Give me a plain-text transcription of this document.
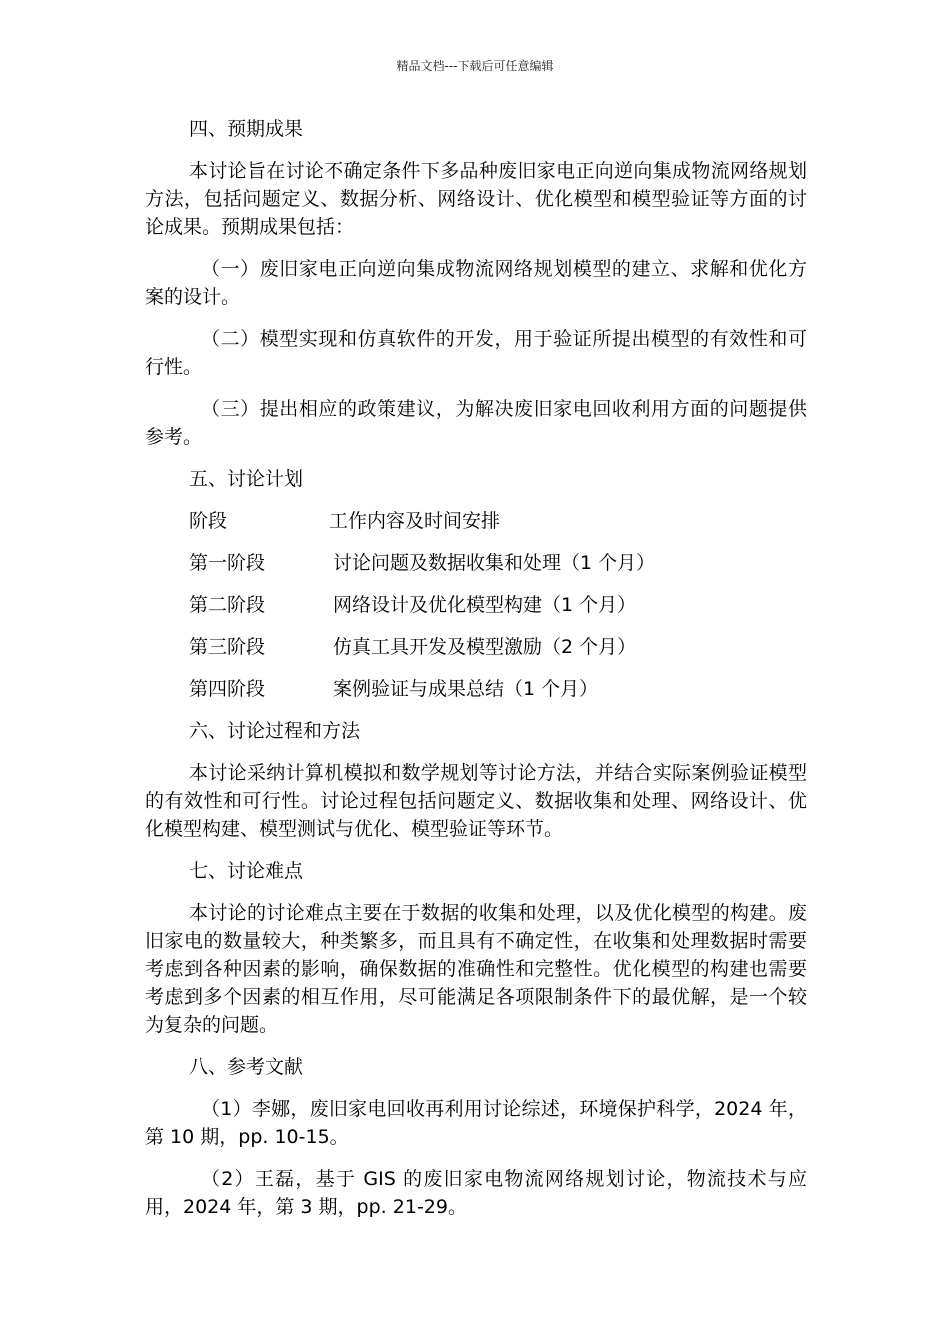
精品文档---下载后可任意编辑
四、预期成果
本讨论旨在讨论不确定条件下多品种废旧家电正向逆向集成物流网络规划方法，包括问题定义、数据分析、网络设计、优化模型和模型验证等方面的讨论成果。预期成果包括：
（一）废旧家电正向逆向集成物流网络规划模型的建立、求解和优化方案的设计。
（二）模型实现和仿真软件的开发，用于验证所提出模型的有效性和可行性。
（三）提出相应的政策建议，为解决废旧家电回收利用方面的问题提供参考。
五、讨论计划
阶段	工作内容及时间安排
第一阶段	讨论问题及数据收集和处理（1 个月）
第二阶段	网络设计及优化模型构建（1 个月）
第三阶段	仿真工具开发及模型激励（2 个月）
第四阶段	案例验证与成果总结（1 个月）
六、讨论过程和方法
本讨论采纳计算机模拟和数学规划等讨论方法，并结合实际案例验证模型的有效性和可行性。讨论过程包括问题定义、数据收集和处理、网络设计、优化模型构建、模型测试与优化、模型验证等环节。
七、讨论难点
本讨论的讨论难点主要在于数据的收集和处理，以及优化模型的构建。废旧家电的数量较大，种类繁多，而且具有不确定性，在收集和处理数据时需要考虑到各种因素的影响，确保数据的准确性和完整性。优化模型的构建也需要考虑到多个因素的相互作用，尽可能满足各项限制条件下的最优解，是一个较为复杂的问题。
八、参考文献
（1）李娜，废旧家电回收再利用讨论综述，环境保护科学，2024 年，第 10 期，pp. 10-15。
（2）王磊，基于 GIS 的废旧家电物流网络规划讨论，物流技术与应用，2024 年，第 3 期，pp. 21-29。
